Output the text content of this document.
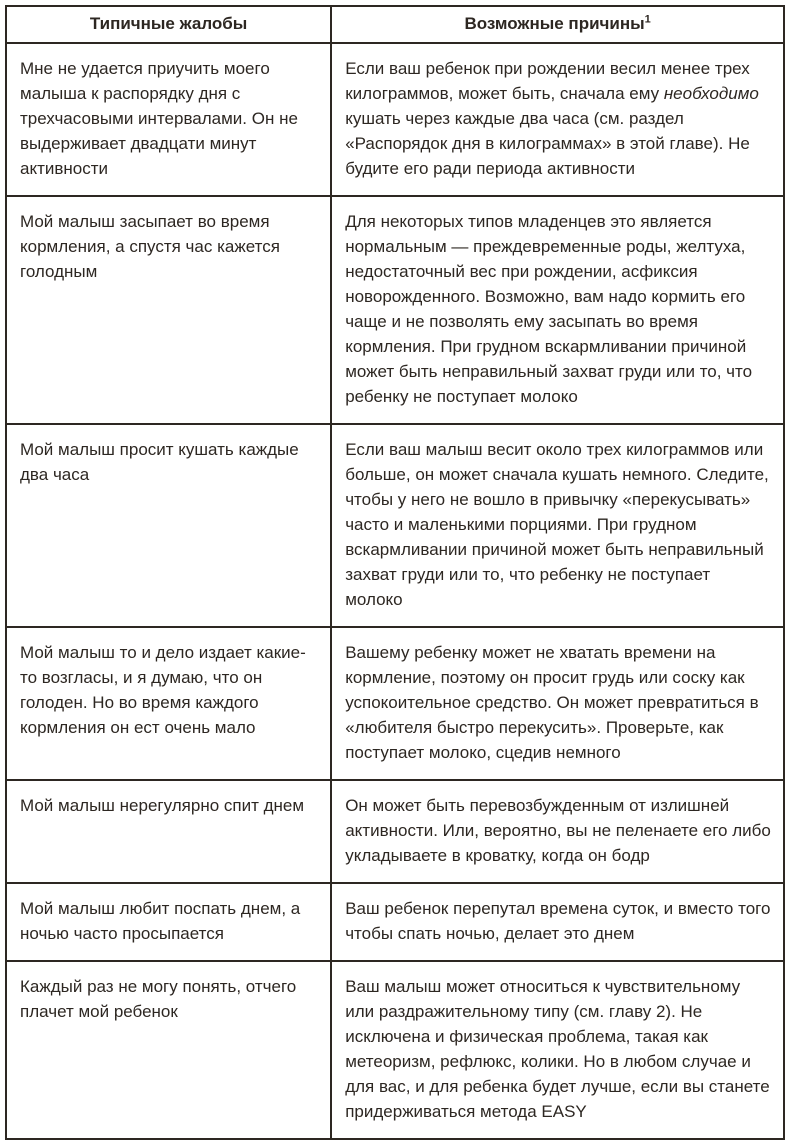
Типичные жалобы	Возможные причины$^1$
Мне не удается приучить моего малыша к распорядку дня с трехчасовыми интервалами. Он не выдерживает двадцати минут активности	Если ваш ребенок при рождении весил менее трех килограммов, может быть, сначала ему необходимо кушать через каждые два часа (см. раздел «Распорядок дня в килограммах» в этой главе). Не будите его ради периода активности
Мой малыш засыпает во время кормления, а спустя час кажется голодным	Для некоторых типов младенцев это является нормальным — преждевременные роды, желтуха, недостаточный вес при рождении, асфиксия новорожденного. Возможно, вам надо кормить его чаще и не позволять ему засыпать во время кормления. При грудном вскармливании причиной может быть неправильный захват груди или то, что ребенку не поступает молоко
Мой малыш просит кушать каждые два часа	Если ваш малыш весит около трех килограммов или больше, он может сначала кушать немного. Следите, чтобы у него не вошло в привычку «перекусывать» часто и маленькими порциями. При грудном вскармливании причиной может быть неправильный захват груди или то, что ребенку не поступает молоко
Мой малыш то и дело издает какие-то возгласы, и я думаю, что он голоден. Но во время каждого кормления он ест очень мало	Вашему ребенку может не хватать времени на кормление, поэтому он просит грудь или соску как успокоительное средство. Он может превратиться в «любителя быстро перекусить». Проверьте, как поступает молоко, сцедив немного
Мой малыш нерегулярно спит днем	Он может быть перевозбужденным от излишней активности. Или, вероятно, вы не пеленаете его либо укладываете в кроватку, когда он бодр
Мой малыш любит поспать днем, а ночью часто просыпается	Ваш ребенок перепутал времена суток, и вместо того чтобы спать ночью, делает это днем
Каждый раз не могу понять, отчего плачет мой ребенок	Ваш малыш может относиться к чувствительному или раздражительному типу (см. главу 2). Не исключена и физическая проблема, такая как метеоризм, рефлюкс, колики. Но в любом случае и для вас, и для ребенка будет лучше, если вы станете придерживаться метода EASY
